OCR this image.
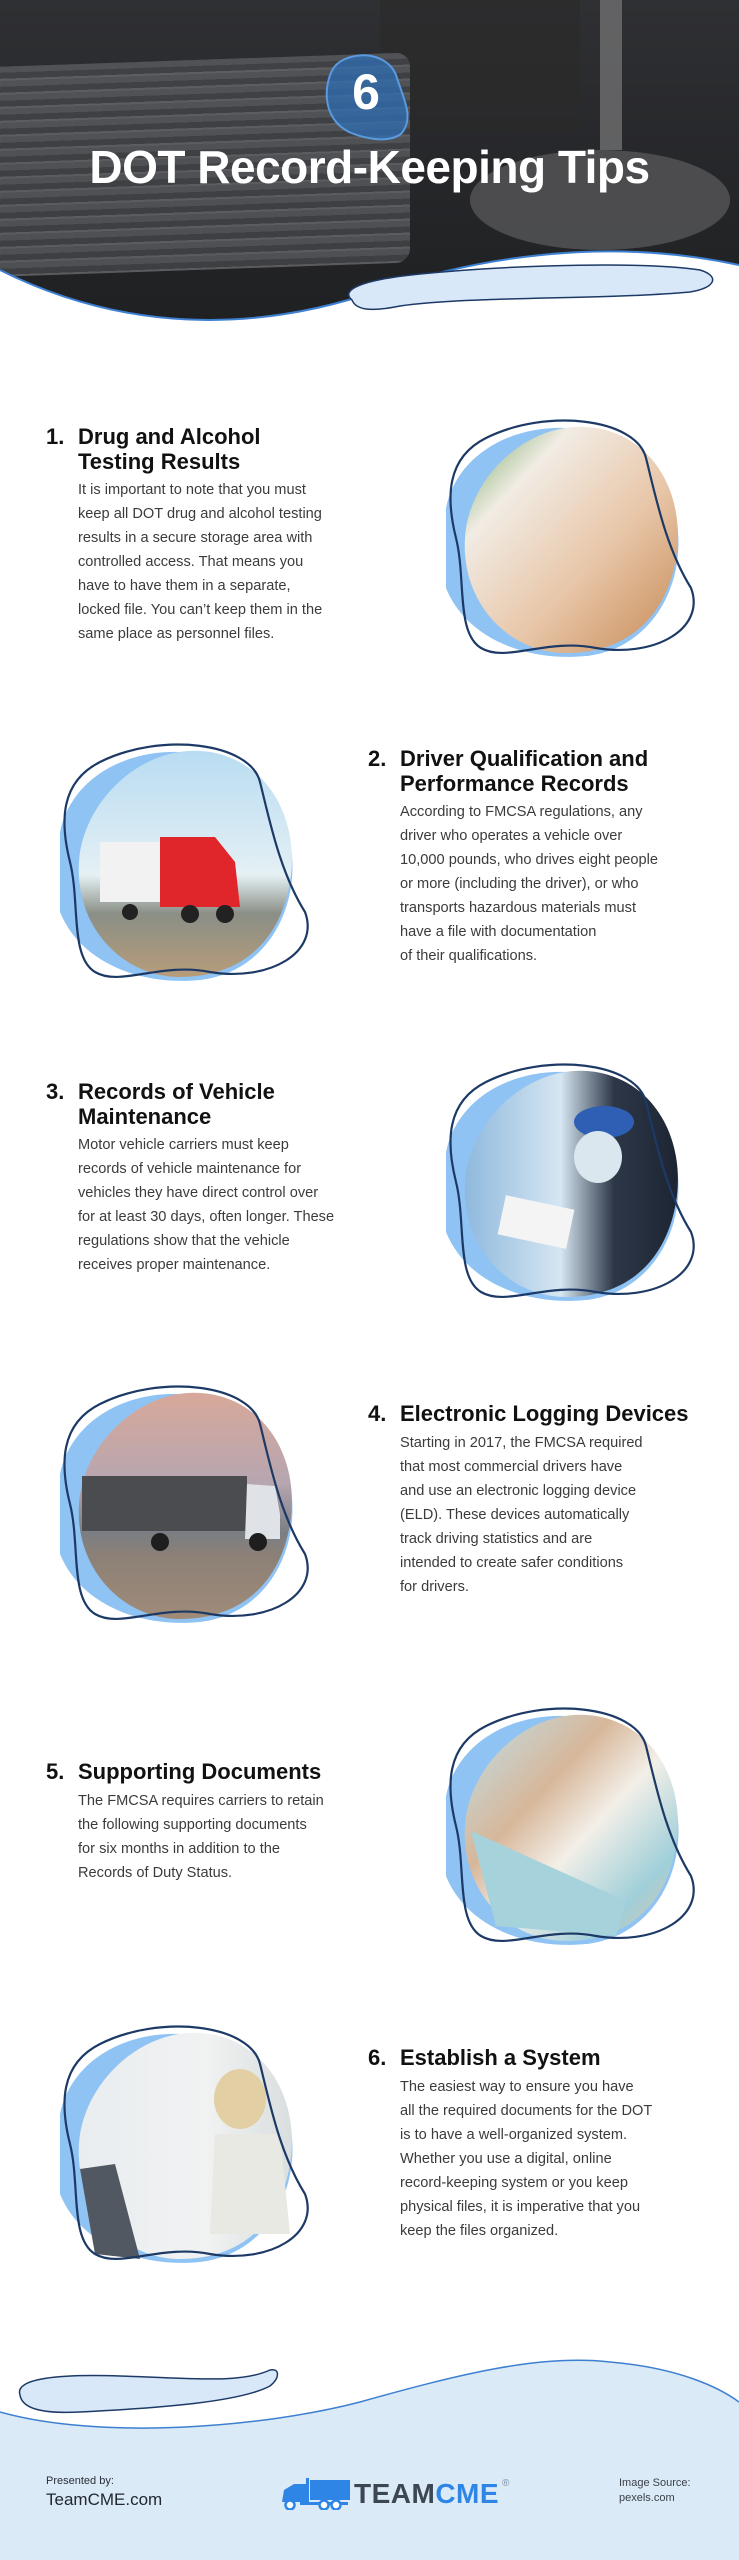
6
DOT Record-Keeping Tips
1. Drug and Alcohol
Testing Results
It is important to note that you must
keep all DOT drug and alcohol testing
results in a secure storage area with
controlled access. That means you
have to have them in a separate,
locked file. You can’t keep them in the
same place as personnel files.
2. Driver Qualification and
Performance Records
According to FMCSA regulations, any
driver who operates a vehicle over
10,000 pounds, who drives eight people
or more (including the driver), or who
transports hazardous materials must
have a file with documentation
of their qualifications.
3. Records of Vehicle
Maintenance
Motor vehicle carriers must keep
records of vehicle maintenance for
vehicles they have direct control over
for at least 30 days, often longer. These
regulations show that the vehicle
receives proper maintenance.
4. Electronic Logging Devices
Starting in 2017, the FMCSA required
that most commercial drivers have
and use an electronic logging device
(ELD). These devices automatically
track driving statistics and are
intended to create safer conditions
for drivers.
5. Supporting Documents
The FMCSA requires carriers to retain
the following supporting documents
for six months in addition to the
Records of Duty Status.
6. Establish a System
The easiest way to ensure you have
all the required documents for the DOT
is to have a well-organized system.
Whether you use a digital, online
record-keeping system or you keep
physical files, it is imperative that you
keep the files organized.
Presented by:
TeamCME.com	TEAMCME ®	Image Source:
pexels.com
